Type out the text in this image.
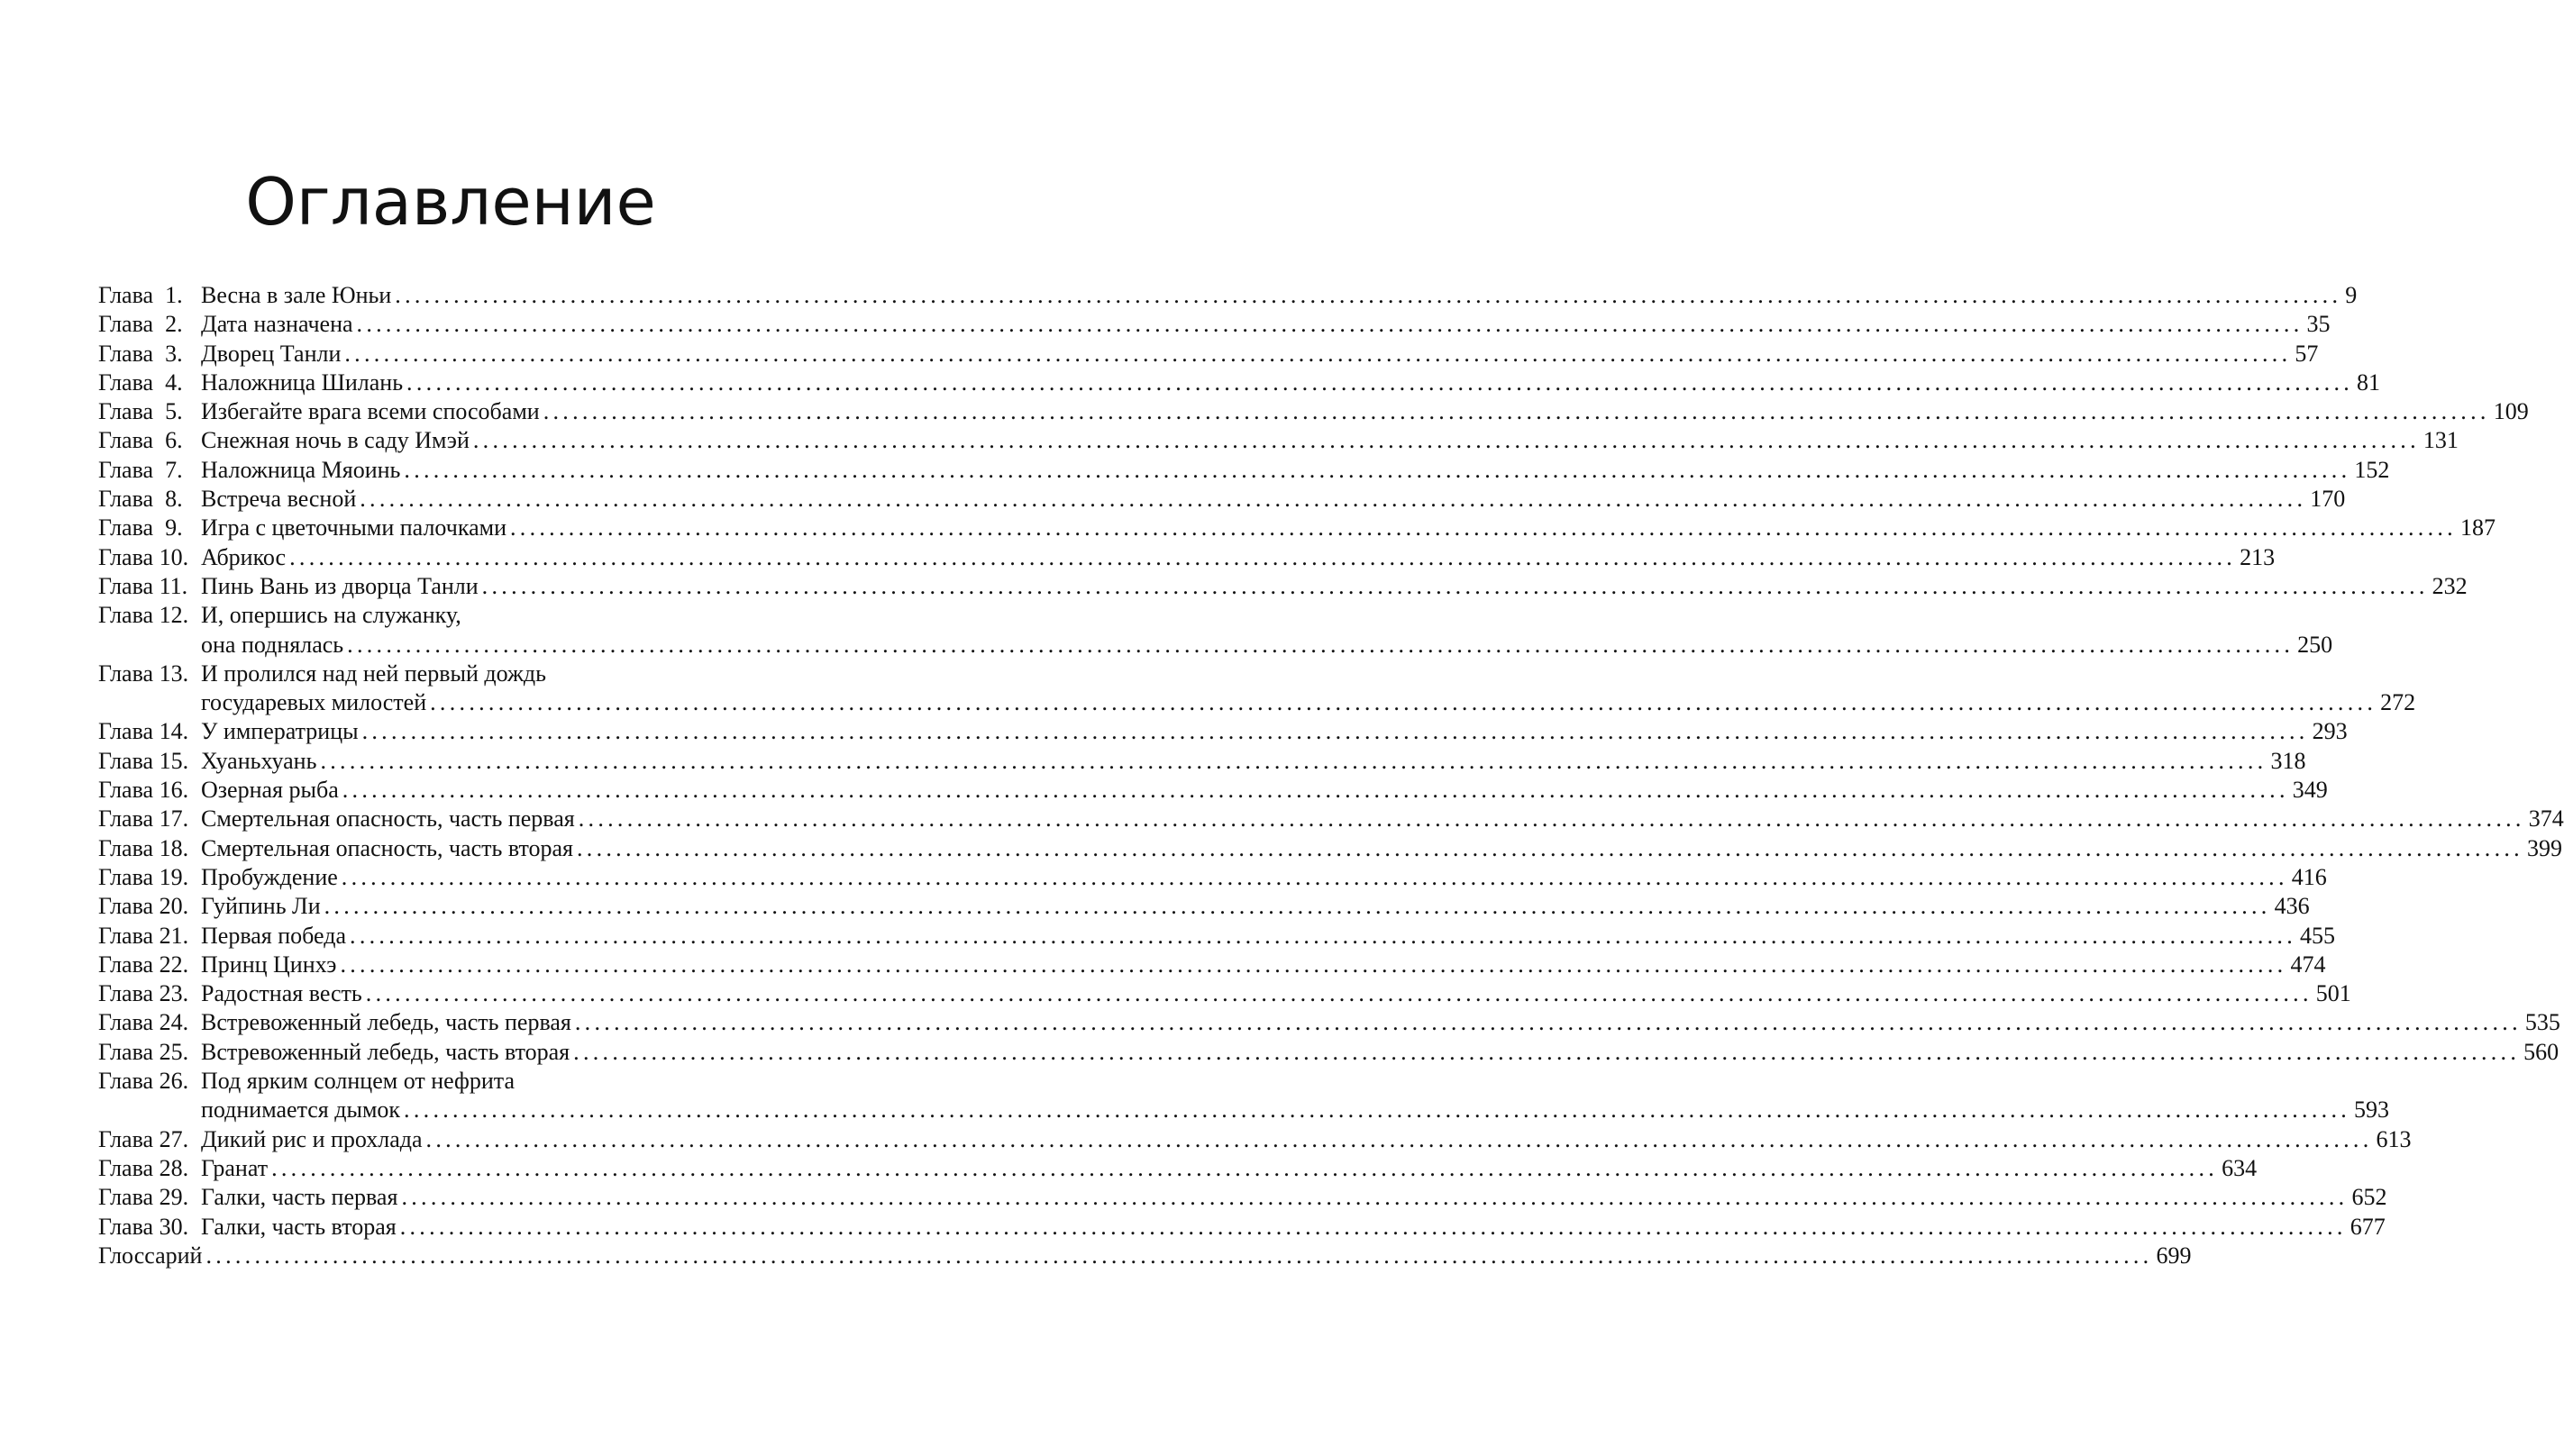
Оглавление
Глава  1. Весна в зале Юньи ........................................................................................................................................................................................................ 9
Глава  2. Дата назначена ........................................................................................................................................................................................................ 35
Глава  3. Дворец Танли ........................................................................................................................................................................................................ 57
Глава  4. Наложница Шилань ........................................................................................................................................................................................................ 81
Глава  5. Избегайте врага всеми способами ........................................................................................................................................................................................................ 109
Глава  6. Снежная ночь в саду Имэй ........................................................................................................................................................................................................ 131
Глава  7. Наложница Мяоинь ........................................................................................................................................................................................................ 152
Глава  8. Встреча весной ........................................................................................................................................................................................................ 170
Глава  9. Игра с цветочными палочками ........................................................................................................................................................................................................ 187
Глава 10. Абрикос ........................................................................................................................................................................................................ 213
Глава 11. Пинь Вань из дворца Танли ........................................................................................................................................................................................................ 232
Глава 12. И, опершись на служанку,
она поднялась ........................................................................................................................................................................................................ 250
Глава 13. И пролился над ней первый дождь
государевых милостей ........................................................................................................................................................................................................ 272
Глава 14. У императрицы ........................................................................................................................................................................................................ 293
Глава 15. Хуаньхуань ........................................................................................................................................................................................................ 318
Глава 16. Озерная рыба ........................................................................................................................................................................................................ 349
Глава 17. Смертельная опасность, часть первая ........................................................................................................................................................................................................ 374
Глава 18. Смертельная опасность, часть вторая ........................................................................................................................................................................................................ 399
Глава 19. Пробуждение ........................................................................................................................................................................................................ 416
Глава 20. Гуйпинь Ли ........................................................................................................................................................................................................ 436
Глава 21. Первая победа ........................................................................................................................................................................................................ 455
Глава 22. Принц Цинхэ ........................................................................................................................................................................................................ 474
Глава 23. Радостная весть ........................................................................................................................................................................................................ 501
Глава 24. Встревоженный лебедь, часть первая ........................................................................................................................................................................................................ 535
Глава 25. Встревоженный лебедь, часть вторая ........................................................................................................................................................................................................ 560
Глава 26. Под ярким солнцем от нефрита
поднимается дымок ........................................................................................................................................................................................................ 593
Глава 27. Дикий рис и прохлада ........................................................................................................................................................................................................ 613
Глава 28. Гранат ........................................................................................................................................................................................................ 634
Глава 29. Галки, часть первая ........................................................................................................................................................................................................ 652
Глава 30. Галки, часть вторая ........................................................................................................................................................................................................ 677
Глоссарий ........................................................................................................................................................................................................ 699
